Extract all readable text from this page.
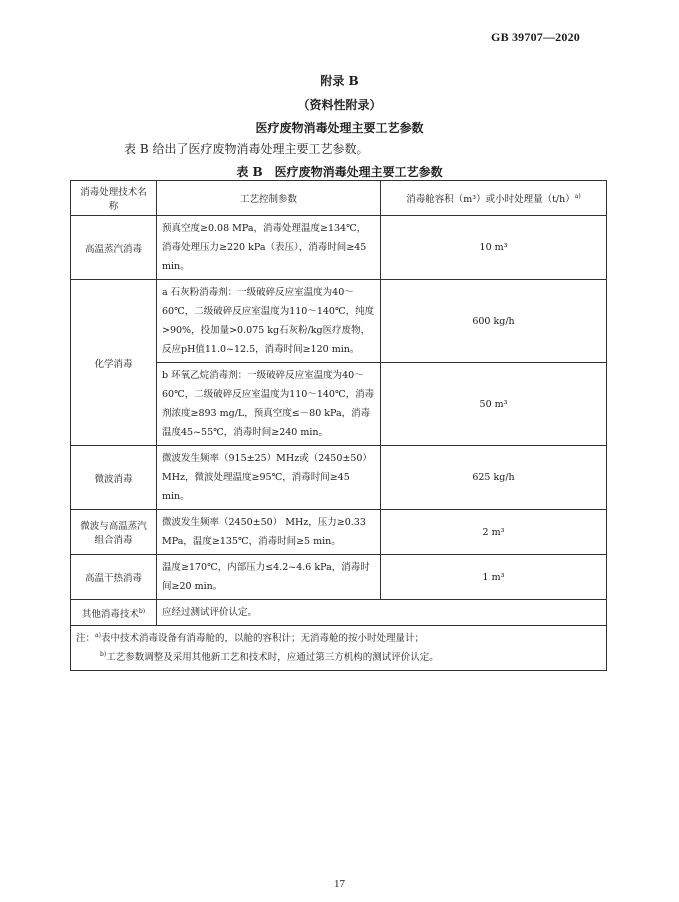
GB 39707—2020
附录 B
（资料性附录）
医疗废物消毒处理主要工艺参数
表 B 给出了医疗废物消毒处理主要工艺参数。
表 B　医疗废物消毒处理主要工艺参数
消毒处理技术名称	工艺控制参数	消毒舱容积（m³）或小时处理量$(t/h)^{a)}$
高温蒸汽消毒	预真空度≥0.08 MPa，消毒处理温度≥134℃，消毒处理压力≥220 kPa（表压），消毒时间≥45 min。	10 m³
化学消毒	a 石灰粉消毒剂：一级破碎反应室温度为40～60℃，二级破碎反应室温度为110～140℃，纯度>90%，投加量>0.075 kg石灰粉/kg医疗废物，反应pH值11.0~12.5，消毒时间≥120 min。	600 kg/h
	b 环氧乙烷消毒剂：一级破碎反应室温度为40～60℃，二级破碎反应室温度为110～140℃，消毒剂浓度≥893 mg/L，预真空度≤－80 kPa，消毒温度45~55℃，消毒时间≥240 min。	50 m³
微波消毒	微波发生频率（915±25）MHz或（2450±50）MHz，微波处理温度≥95℃，消毒时间≥45 min。	625 kg/h
微波与高温蒸汽组合消毒	微波发生频率（2450±50） MHz，压力≥0.33 MPa，温度≥135℃，消毒时间≥5 min。	2 m³
高温干热消毒	温度≥170℃，内部压力≤4.2~4.6 kPa，消毒时间≥20 min。	1 m³
其他消毒技术$^{b)}$	应经过测试评价认定。	

注：$^{a)}$表中技术消毒设备有消毒舱的，以舱的容积计；无消毒舱的按小时处理量计；
$^{b)}$工艺参数调整及采用其他新工艺和技术时，应通过第三方机构的测试评价认定。		
17
